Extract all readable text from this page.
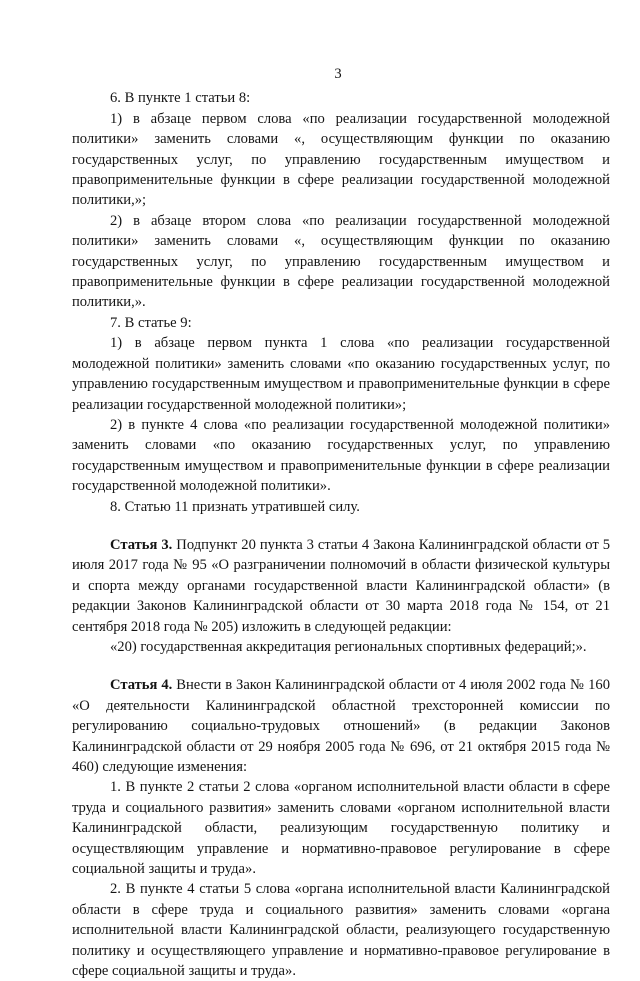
3

6. В пункте 1 статьи 8:

1) в абзаце первом слова «по реализации государственной молодежной политики» заменить словами «, осуществляющим функции по оказанию государственных услуг, по управлению государственным имуществом и правоприменительные функции в сфере реализации государственной молодежной политики,»;

2) в абзаце втором слова «по реализации государственной молодежной политики» заменить словами «, осуществляющим функции по оказанию государственных услуг, по управлению государственным имуществом и правоприменительные функции в сфере реализации государственной молодежной политики,».

7. В статье 9:

1) в абзаце первом пункта 1 слова «по реализации государственной молодежной политики» заменить словами «по оказанию государственных услуг, по управлению государственным имуществом и правоприменительные функции в сфере реализации государственной молодежной политики»;

2) в пункте 4 слова «по реализации государственной молодежной политики» заменить словами «по оказанию государственных услуг, по управлению государственным имуществом и правоприменительные функции в сфере реализации государственной молодежной политики».

8. Статью 11 признать утратившей силу.

Статья 3. Подпункт 20 пункта 3 статьи 4 Закона Калининградской области от 5 июля 2017 года № 95 «О разграничении полномочий в области физической культуры и спорта между органами государственной власти Калининградской области» (в редакции Законов Калининградской области от 30 марта 2018 года № 154, от 21 сентября 2018 года № 205) изложить в следующей редакции:

«20) государственная аккредитация региональных спортивных федераций;».

Статья 4. Внести в Закон Калининградской области от 4 июля 2002 года № 160 «О деятельности Калининградской областной трехсторонней комиссии по регулированию социально-трудовых отношений» (в редакции Законов Калининградской области от 29 ноября 2005 года № 696, от 21 октября 2015 года № 460) следующие изменения:

1. В пункте 2 статьи 2 слова «органом исполнительной власти области в сфере труда и социального развития» заменить словами «органом исполнительной власти Калининградской области, реализующим государственную политику и осуществляющим управление и нормативно-правовое регулирование в сфере социальной защиты и труда».

2. В пункте 4 статьи 5 слова «органа исполнительной власти Калининградской области в сфере труда и социального развития» заменить словами «органа исполнительной власти Калининградской области, реализующего государственную политику и осуществляющего управление и нормативно-правовое регулирование в сфере социальной защиты и труда».
